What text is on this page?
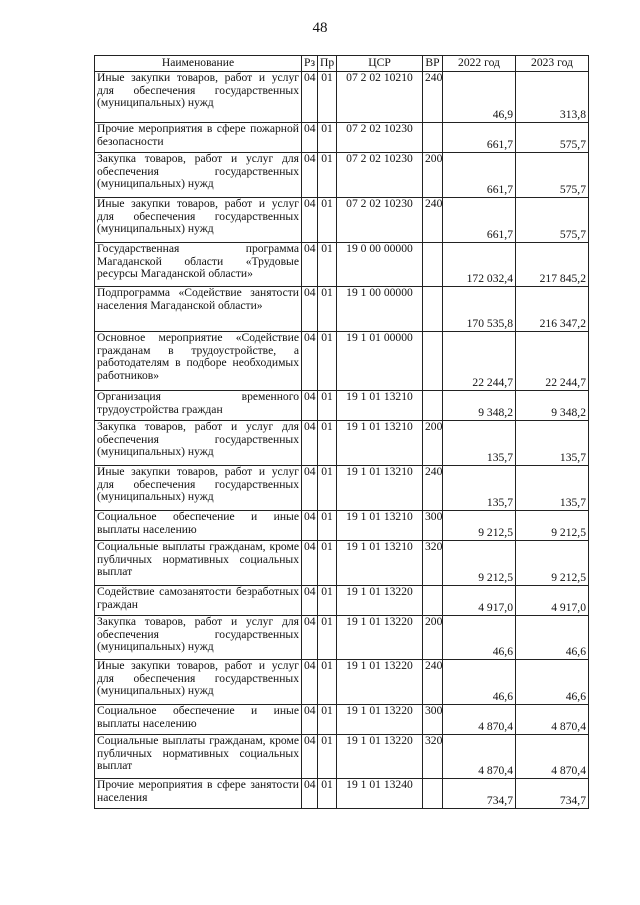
48
Наименование	Рз	Пр	ЦСР	ВР	2022 год	2023 год
Иные закупки товаров, работ и услуг для обеспечения государственных (муниципальных) нужд	04	01	07 2 02 10210	240	46,9	313,8
Прочие мероприятия в сфере пожарной безопасности	04	01	07 2 02 10230		661,7	575,7
Закупка товаров, работ и услуг для обеспечения государственных (муниципальных) нужд	04	01	07 2 02 10230	200	661,7	575,7
Иные закупки товаров, работ и услуг для обеспечения государственных (муниципальных) нужд	04	01	07 2 02 10230	240	661,7	575,7
Государственная программа Магаданской области «Трудовые ресурсы Магаданской области»	04	01	19 0 00 00000		172 032,4	217 845,2
Подпрограмма «Содействие занятости населения Магаданской области»	04	01	19 1 00 00000		170 535,8	216 347,2
Основное мероприятие «Содействие гражданам в трудоустройстве, а работодателям в подборе необходимых работников»	04	01	19 1 01 00000		22 244,7	22 244,7
Организация временного трудоустройства граждан	04	01	19 1 01 13210		9 348,2	9 348,2
Закупка товаров, работ и услуг для обеспечения государственных (муниципальных) нужд	04	01	19 1 01 13210	200	135,7	135,7
Иные закупки товаров, работ и услуг для обеспечения государственных (муниципальных) нужд	04	01	19 1 01 13210	240	135,7	135,7
Социальное обеспечение и иные выплаты населению	04	01	19 1 01 13210	300	9 212,5	9 212,5
Социальные выплаты гражданам, кроме публичных нормативных социальных выплат	04	01	19 1 01 13210	320	9 212,5	9 212,5
Содействие самозанятости безработных граждан	04	01	19 1 01 13220		4 917,0	4 917,0
Закупка товаров, работ и услуг для обеспечения государственных (муниципальных) нужд	04	01	19 1 01 13220	200	46,6	46,6
Иные закупки товаров, работ и услуг для обеспечения государственных (муниципальных) нужд	04	01	19 1 01 13220	240	46,6	46,6
Социальное обеспечение и иные выплаты населению	04	01	19 1 01 13220	300	4 870,4	4 870,4
Социальные выплаты гражданам, кроме публичных нормативных социальных выплат	04	01	19 1 01 13220	320	4 870,4	4 870,4
Прочие мероприятия в сфере занятости населения	04	01	19 1 01 13240		734,7	734,7
